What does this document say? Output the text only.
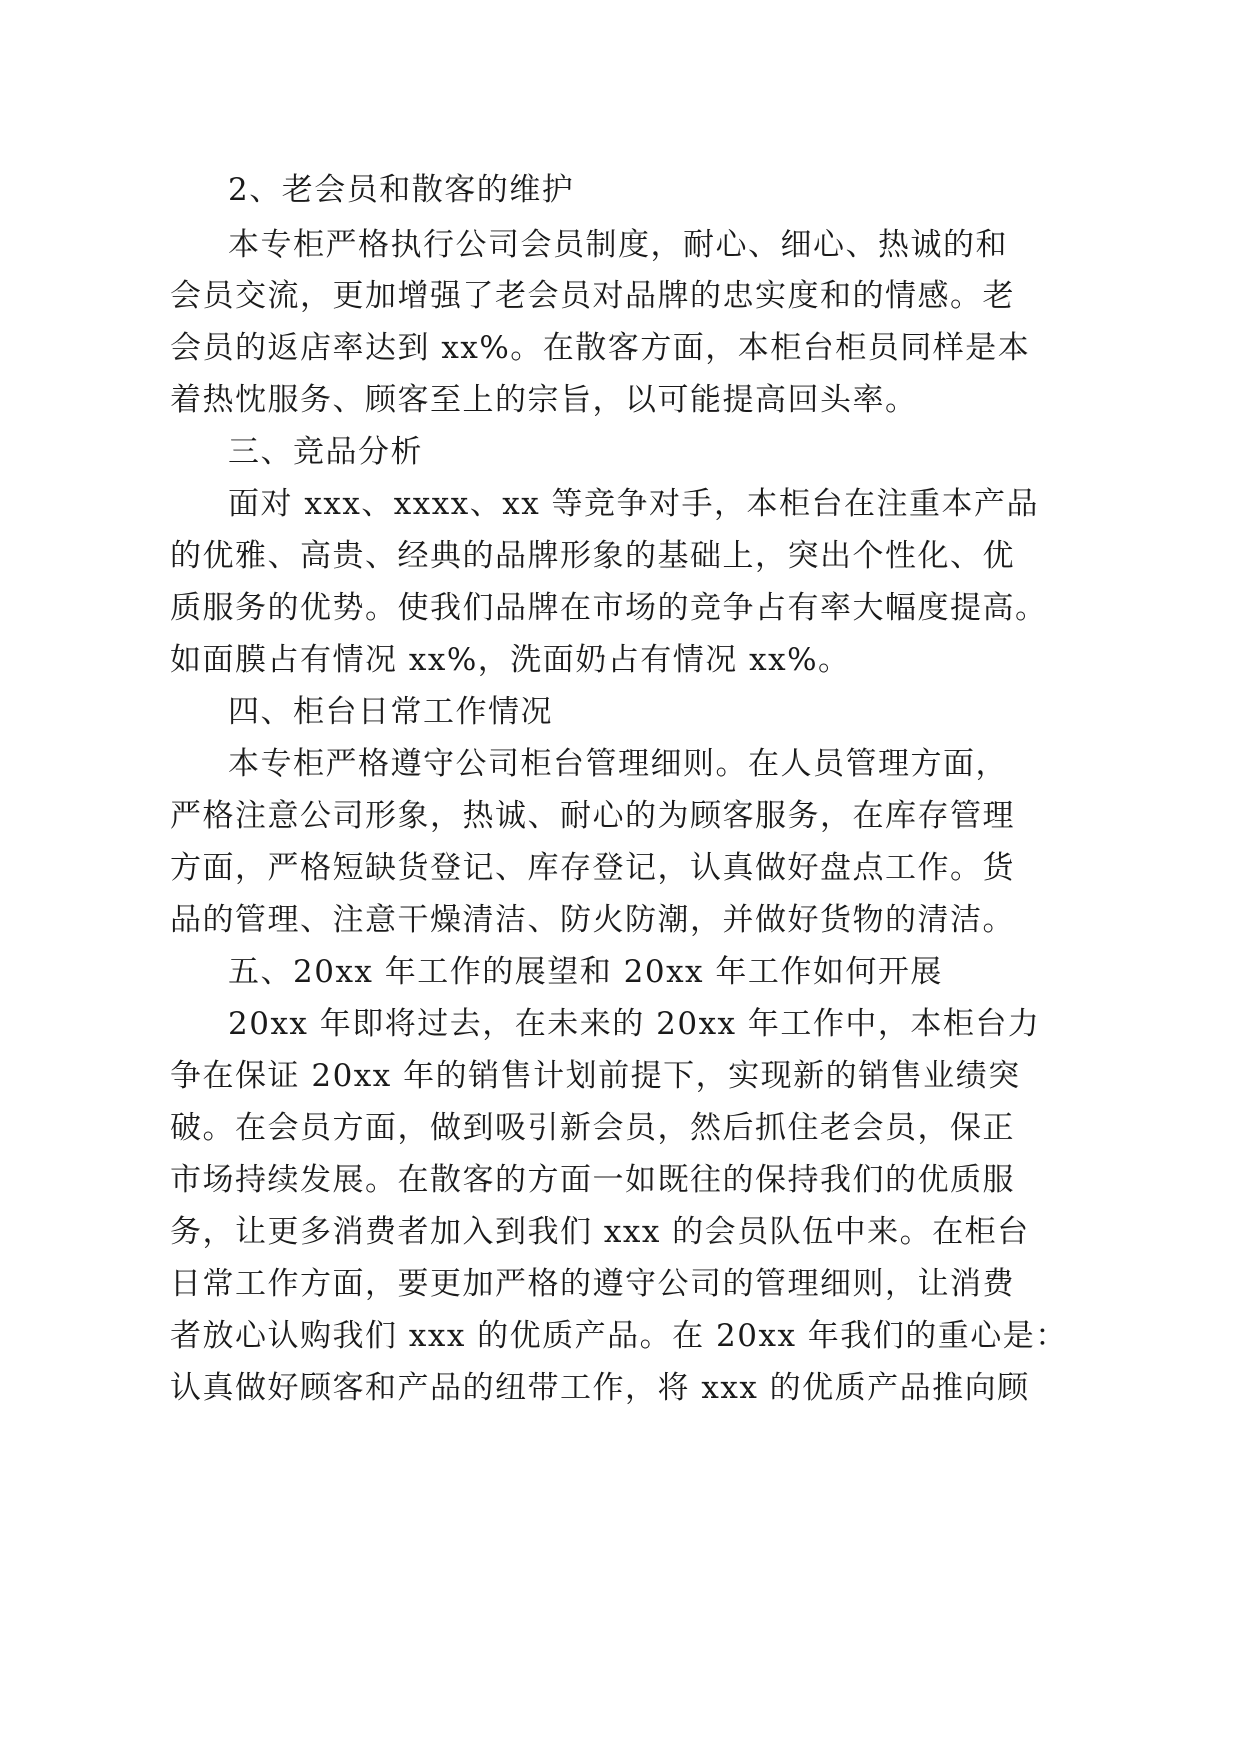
2、老会员和散客的维护
本专柜严格执行公司会员制度，耐心、细心、热诚的和
会员交流，更加增强了老会员对品牌的忠实度和的情感。老
会员的返店率达到 xx%。在散客方面，本柜台柜员同样是本
着热忱服务、顾客至上的宗旨，以可能提高回头率。
三、竞品分析
面对 xxx、xxxx、xx 等竞争对手，本柜台在注重本产品
的优雅、高贵、经典的品牌形象的基础上，突出个性化、优
质服务的优势。使我们品牌在市场的竞争占有率大幅度提高。
如面膜占有情况 xx%，洗面奶占有情况 xx%。
四、柜台日常工作情况
本专柜严格遵守公司柜台管理细则。在人员管理方面，
严格注意公司形象，热诚、耐心的为顾客服务，在库存管理
方面，严格短缺货登记、库存登记，认真做好盘点工作。货
品的管理、注意干燥清洁、防火防潮，并做好货物的清洁。
五、20xx 年工作的展望和 20xx 年工作如何开展
20xx 年即将过去，在未来的 20xx 年工作中，本柜台力
争在保证 20xx 年的销售计划前提下，实现新的销售业绩突
破。在会员方面，做到吸引新会员，然后抓住老会员，保正
市场持续发展。在散客的方面一如既往的保持我们的优质服
务，让更多消费者加入到我们 xxx 的会员队伍中来。在柜台
日常工作方面，要更加严格的遵守公司的管理细则，让消费
者放心认购我们 xxx 的优质产品。在 20xx 年我们的重心是：
认真做好顾客和产品的纽带工作，将 xxx 的优质产品推向顾
